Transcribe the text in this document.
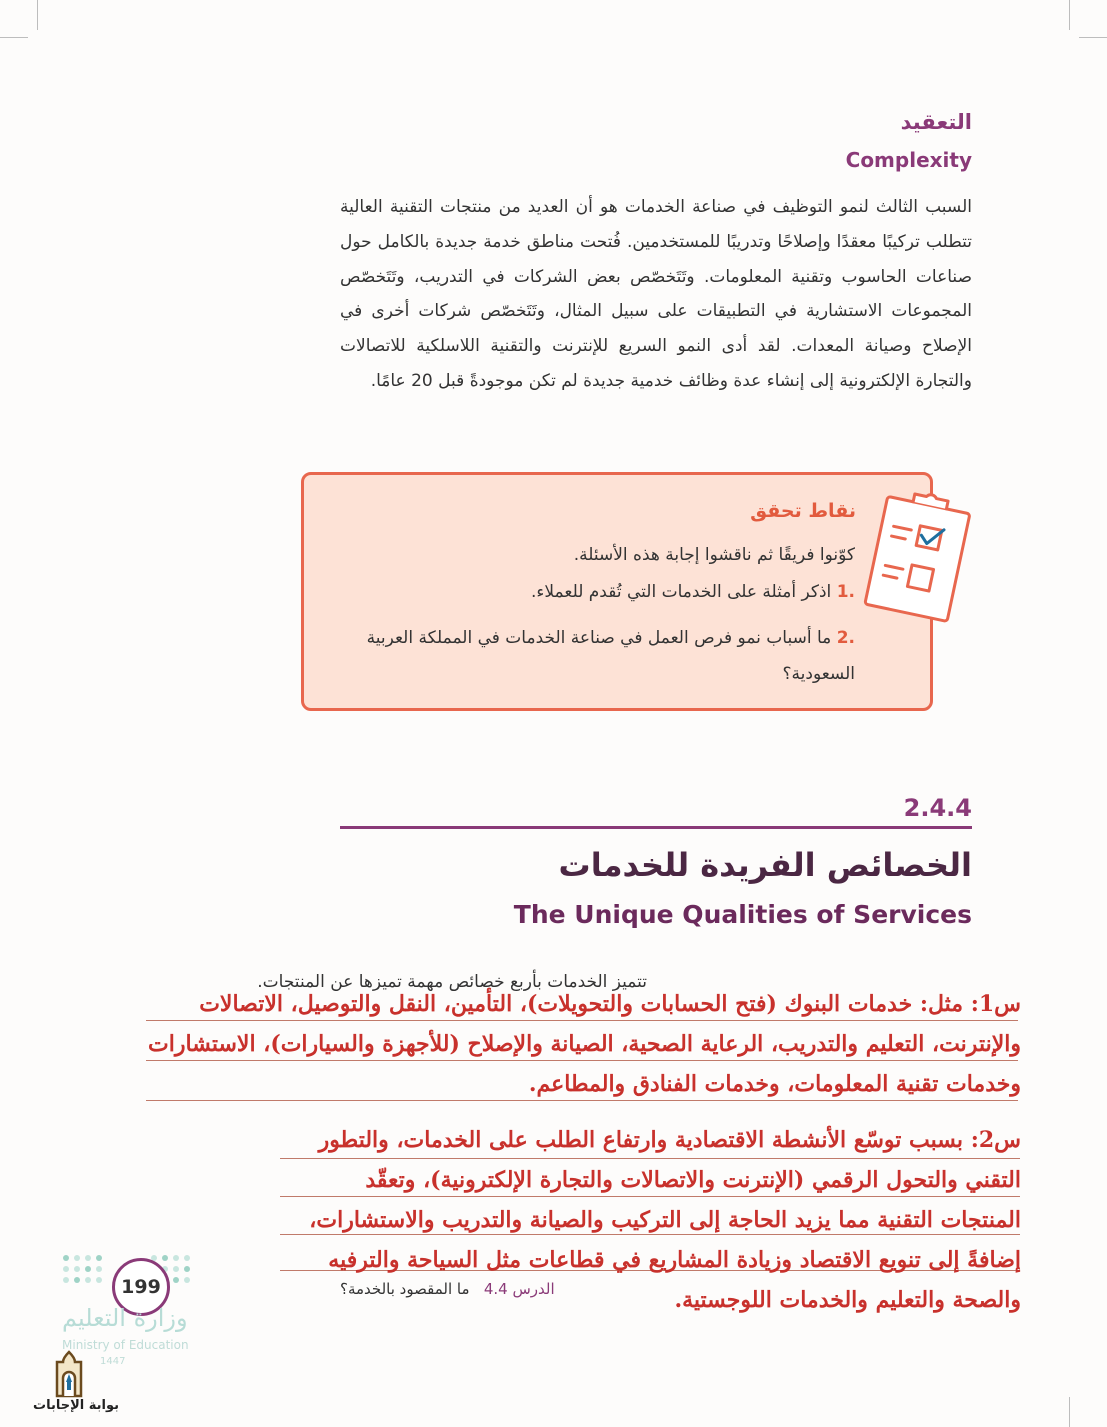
التعقيد
Complexity

السبب الثالث لنمو التوظيف في صناعة الخدمات هو أن العديد من منتجات التقنية العالية تتطلب تركيبًا معقدًا وإصلاحًا وتدريبًا للمستخدمين. فُتحت مناطق خدمة جديدة بالكامل حول صناعات الحاسوب وتقنية المعلومات. وتَتَخصّص بعض الشركات في التدريب، وتَتَخصّص المجموعات الاستشارية في التطبيقات على سبيل المثال، وتَتَخصّص شركات أخرى في الإصلاح وصيانة المعدات. لقد أدى النمو السريع للإنترنت والتقنية اللاسلكية للاتصالات والتجارة الإلكترونية إلى إنشاء عدة وظائف خدمية جديدة لم تكن موجودةً قبل 20 عامًا.

نقاط تحقق
كوّنوا فريقًا ثم ناقشوا إجابة هذه الأسئلة.
.1 اذكر أمثلة على الخدمات التي تُقدم للعملاء.
.2 ما أسباب نمو فرص العمل في صناعة الخدمات في المملكة العربية السعودية؟
2.4.4
الخصائص الفريدة للخدمات
The Unique Qualities of Services
تتميز الخدمات بأربع خصائص مهمة تميزها عن المنتجات.
س1: مثل: خدمات البنوك (فتح الحسابات والتحويلات)، التأمين، النقل والتوصيل، الاتصالات والإنترنت، التعليم والتدريب، الرعاية الصحية، الصيانة والإصلاح (للأجهزة والسيارات)، الاستشارات وخدمات تقنية المعلومات، وخدمات الفنادق والمطاعم.
س2: بسبب توسّع الأنشطة الاقتصادية وارتفاع الطلب على الخدمات، والتطور التقني والتحول الرقمي (الإنترنت والاتصالات والتجارة الإلكترونية)، وتعقّد المنتجات التقنية مما يزيد الحاجة إلى التركيب والصيانة والتدريب والاستشارات، إضافةً إلى تنويع الاقتصاد وزيادة المشاريع في قطاعات مثل السياحة والترفيه والصحة والتعليم والخدمات اللوجستية.
199	الدرس 4.4   ما المقصود بالخدمة؟
وزارة التعليم
Ministry of Education
1447
بوابة الإجابات
